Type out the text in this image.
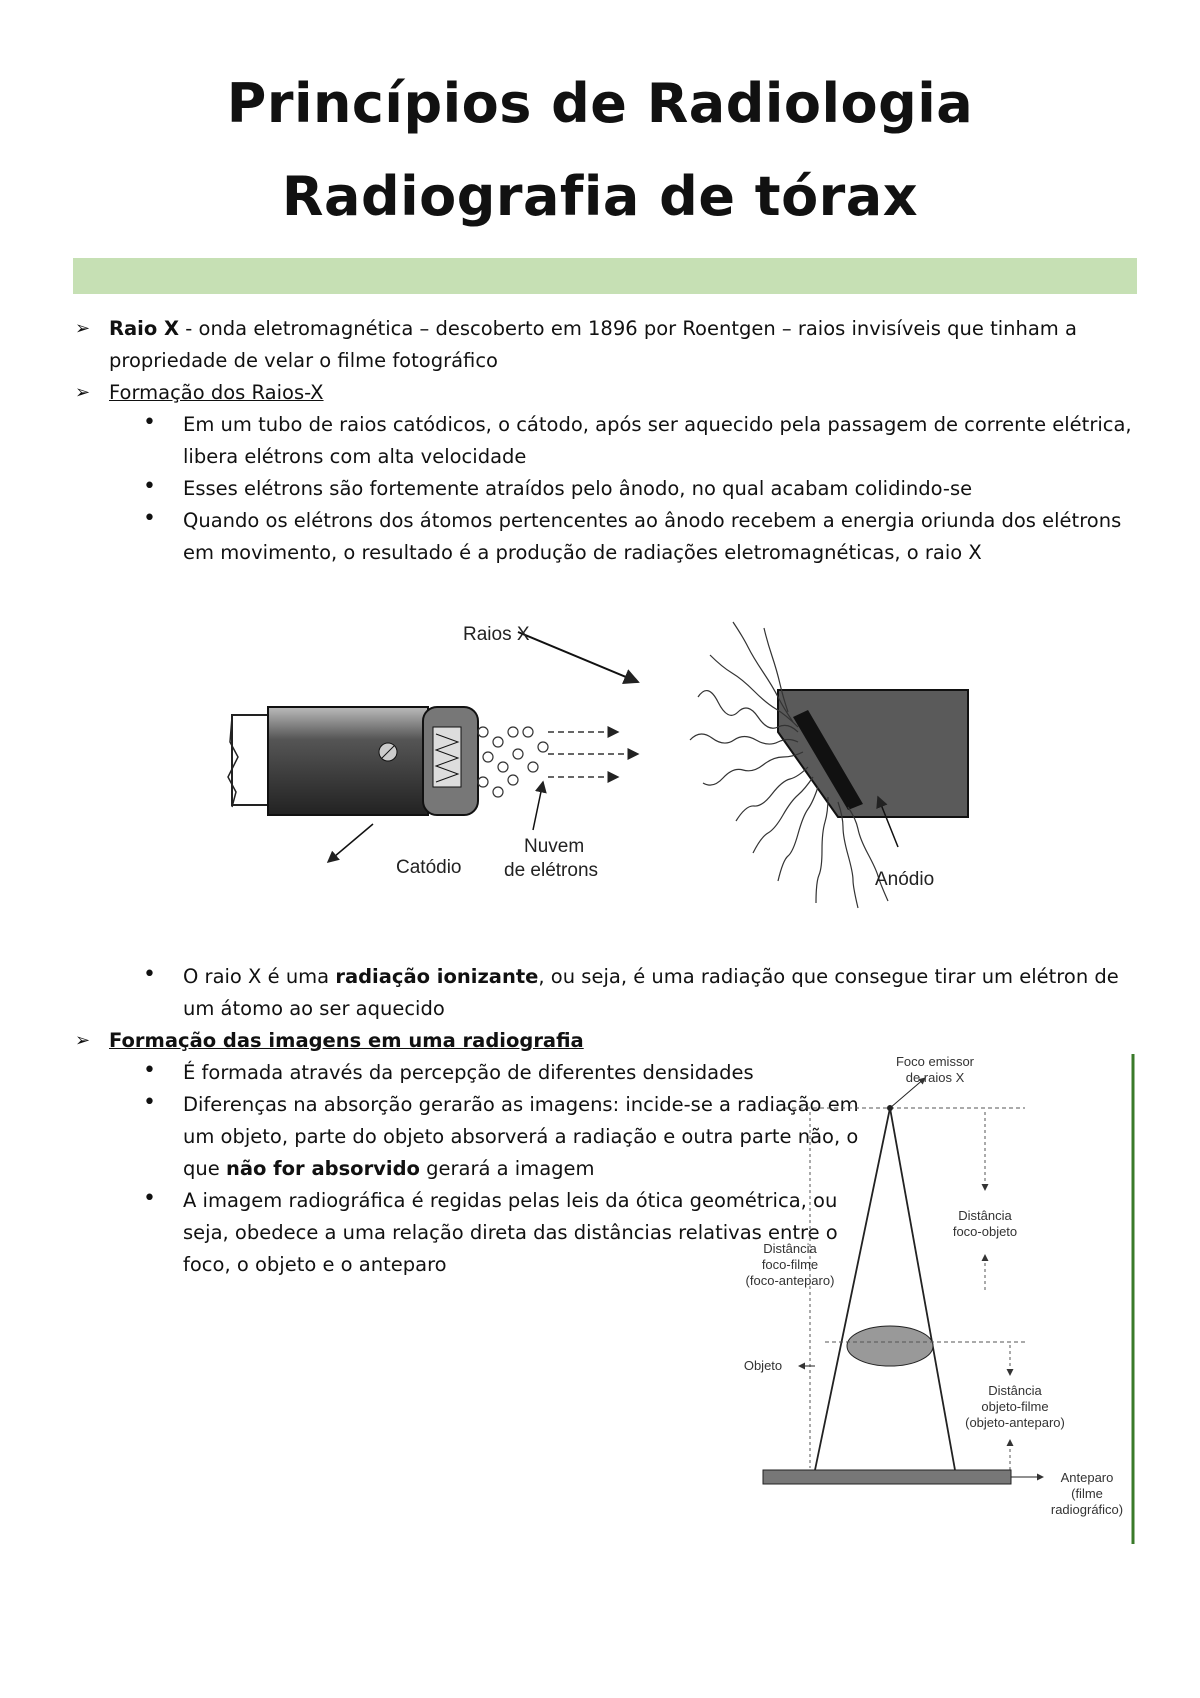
Princípios de Radiologia
Radiografia de tórax
➢ Raio X - onda eletromagnética – descoberto em 1896 por Roentgen – raios invisíveis que tinham a propriedade de velar o filme fotográfico
➢ Formação dos Raios-X
• Em um tubo de raios catódicos, o cátodo, após ser aquecido pela passagem de corrente elétrica, libera elétrons com alta velocidade
• Esses elétrons são fortemente atraídos pelo ânodo, no qual acabam colidindo-se
• Quando os elétrons dos átomos pertencentes ao ânodo recebem a energia oriunda dos elétrons em movimento, o resultado é a produção de radiações eletromagnéticas, o raio X
• O raio X é uma radiação ionizante, ou seja, é uma radiação que consegue tirar um elétron de um átomo ao ser aquecido
➢ Formação das imagens em uma radiografia
• É formada através da percepção de diferentes densidades
• Diferenças na absorção gerarão as imagens: incide-se a radiação em um objeto, parte do objeto absorverá a radiação e outra parte não, o que não for absorvido gerará a imagem
• A imagem radiográfica é regidas pelas leis da ótica geométrica, ou seja, obedece a uma relação direta das distâncias relativas entre o foco, o objeto e o anteparo
Raios X
Catódio
Nuvem
de elétrons	Anódio
Foco emissor
de raios X
Distância
foco-objeto
Distância
foco-filme
(foco-anteparo)
Objeto
Distância
objeto-filme
(objeto-anteparo)
Anteparo
(filme
radiográfico)
